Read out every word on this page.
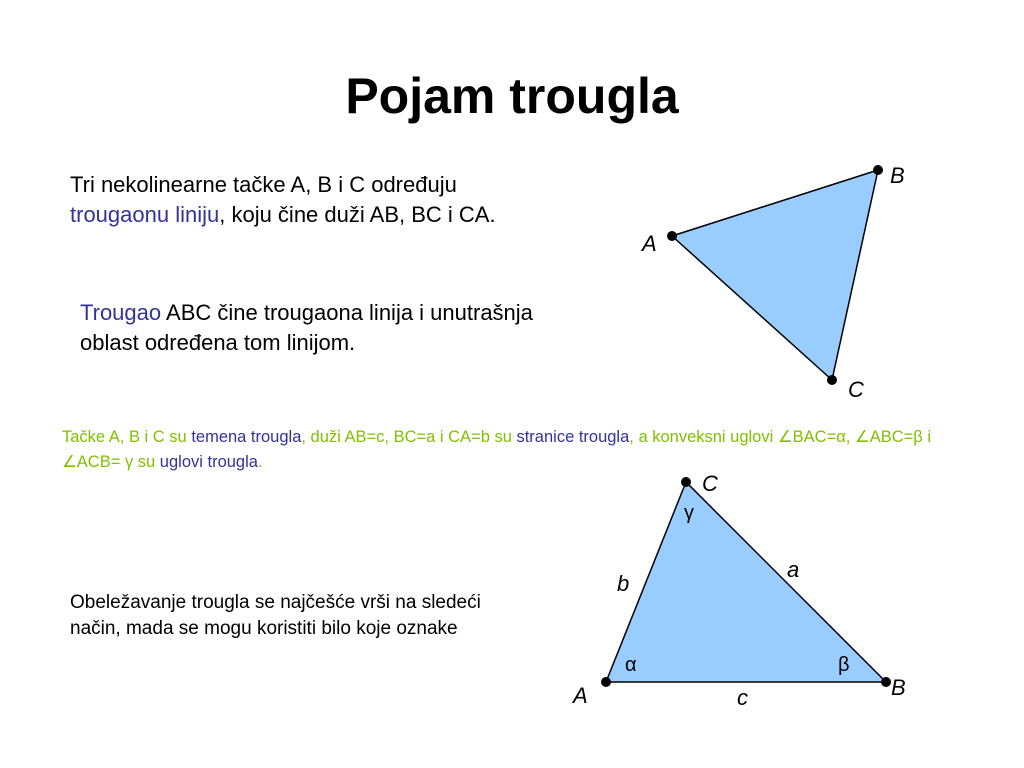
Pojam trougla
Tri nekolinearne tačke A, B i C određuju trougaonu liniju, koju čine duži AB, BC i CA.
Trougao ABC čine trougaona linija i unutrašnja oblast određena tom linijom.
Tačke A, B i C su temena trougla, duži AB=c, BC=a i CA=b su stranice trougla, a konveksni uglovi ∠BAC=α, ∠ABC=β i ∠ACB= γ su uglovi trougla.
Obeležavanje trougla se najčešće vrši na sledeći način, mada se mogu koristiti bilo koje oznake
B
A
C
C
A	B
a
b
c
γ
α	β
